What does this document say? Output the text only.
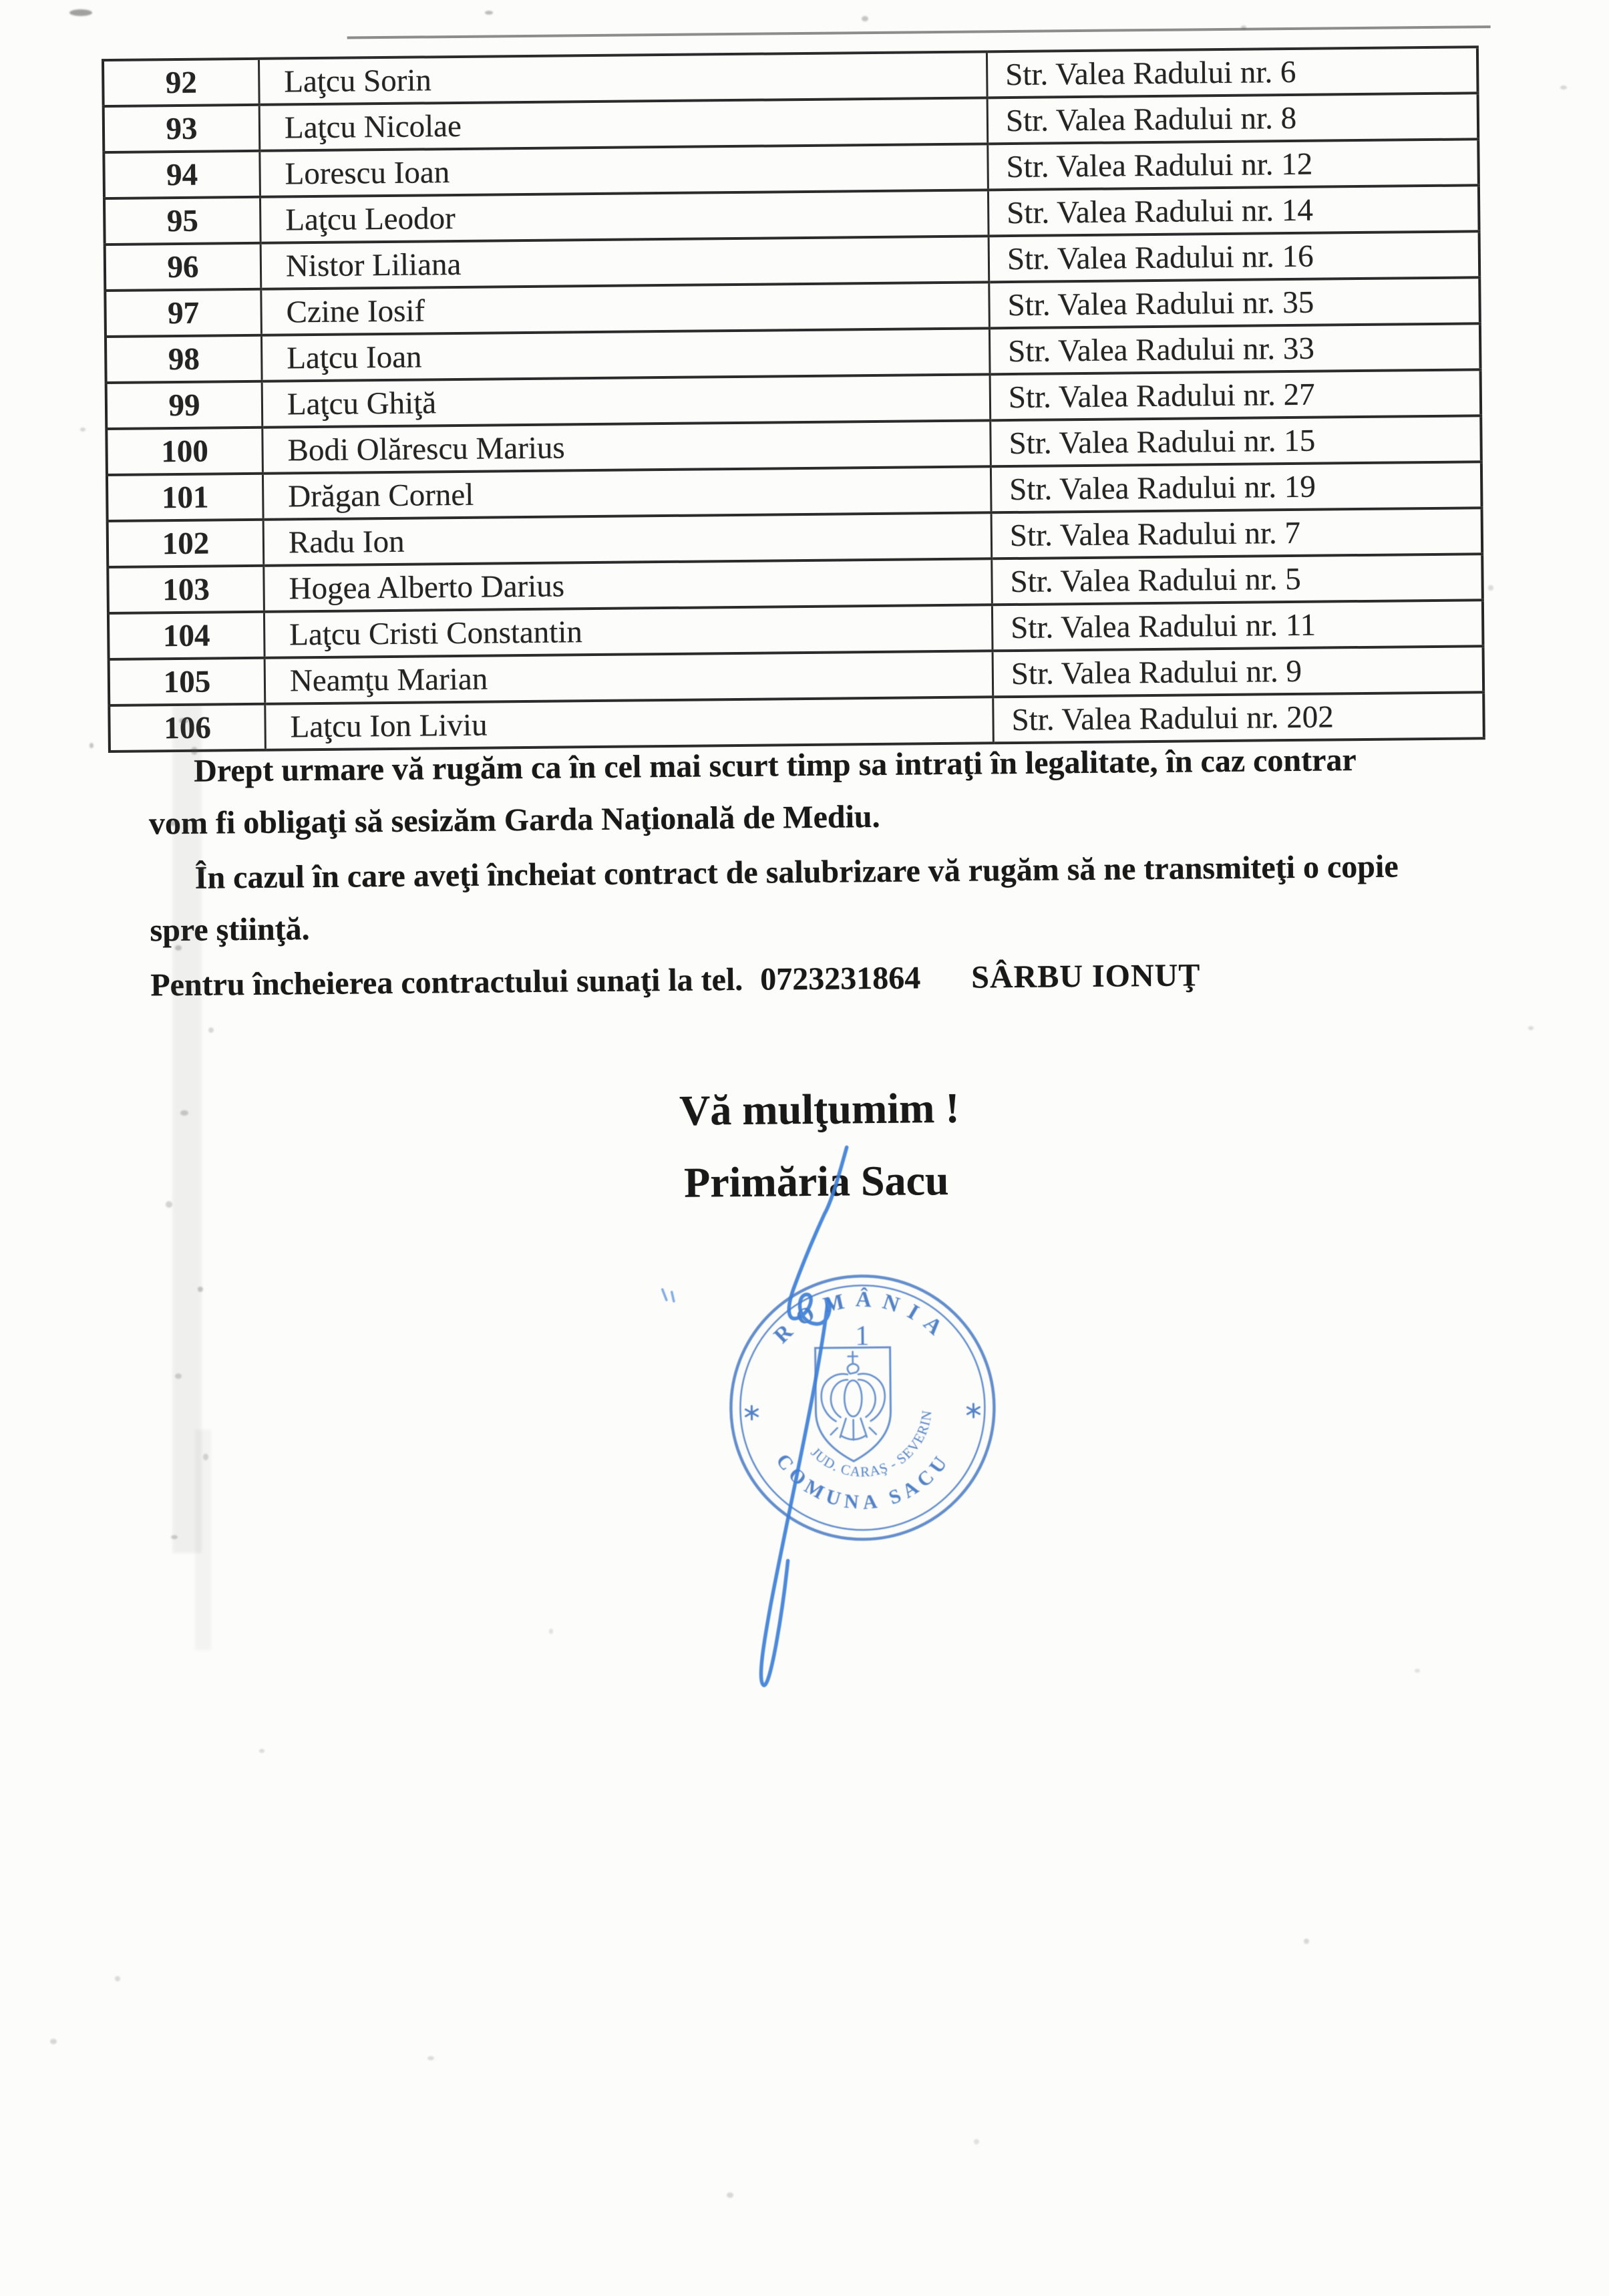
92	Laţcu Sorin	Str. Valea Radului nr. 6
93	Laţcu Nicolae	Str. Valea Radului nr. 8
94	Lorescu Ioan	Str. Valea Radului nr. 12
95	Laţcu Leodor	Str. Valea Radului nr. 14
96	Nistor Liliana	Str. Valea Radului nr. 16
97	Czine Iosif	Str. Valea Radului nr. 35
98	Laţcu Ioan	Str. Valea Radului nr. 33
99	Laţcu Ghiţă	Str. Valea Radului nr. 27
100	Bodi Olărescu Marius	Str. Valea Radului nr. 15
101	Drăgan Cornel	Str. Valea Radului nr. 19
102	Radu Ion	Str. Valea Radului nr. 7
103	Hogea Alberto Darius	Str. Valea Radului nr. 5
104	Laţcu Cristi Constantin	Str. Valea Radului nr. 11
105	Neamţu Marian	Str. Valea Radului nr. 9
106	Laţcu Ion Liviu	Str. Valea Radului nr. 202
Drept urmare vă rugăm ca în cel mai scurt timp sa intraţi în legalitate, în caz contrar
vom fi obligaţi să sesizăm Garda Naţională de Mediu.
În cazul în care aveţi încheiat contract de salubrizare vă rugăm să ne transmiteţi o copie
spre ştiinţă.
Pentru încheierea contractului sunaţi la tel. 0723231864 SÂRBU IONUŢ
Vă mulţumim !
Primăria Sacu
ROMÂNIA
COMUNA SACU
JUD. CARAŞ - SEVERIN
1
